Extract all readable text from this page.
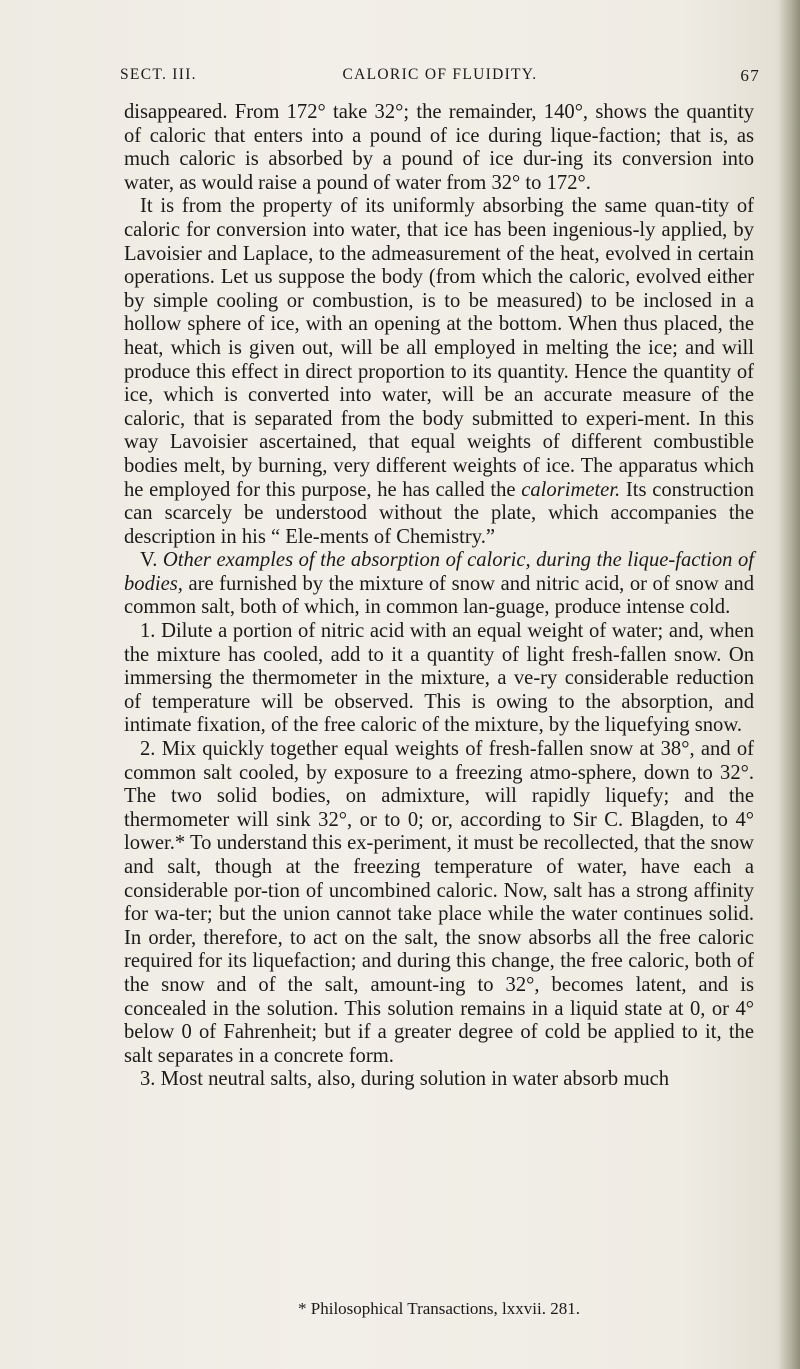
SECT. III.	CALORIC OF FLUIDITY.	67

disappeared. From 172° take 32°; the remainder, 140°, shows the quantity of caloric that enters into a pound of ice during lique-faction; that is, as much caloric is absorbed by a pound of ice dur-ing its conversion into water, as would raise a pound of water from 32° to 172°.

It is from the property of its uniformly absorbing the same quan-tity of caloric for conversion into water, that ice has been ingenious-ly applied, by Lavoisier and Laplace, to the admeasurement of the heat, evolved in certain operations. Let us suppose the body (from which the caloric, evolved either by simple cooling or combustion, is to be measured) to be inclosed in a hollow sphere of ice, with an opening at the bottom. When thus placed, the heat, which is given out, will be all employed in melting the ice; and will produce this effect in direct proportion to its quantity. Hence the quantity of ice, which is converted into water, will be an accurate measure of the caloric, that is separated from the body submitted to experi-ment. In this way Lavoisier ascertained, that equal weights of different combustible bodies melt, by burning, very different weights of ice. The apparatus which he employed for this purpose, he has called the calorimeter. Its construction can scarcely be understood without the plate, which accompanies the description in his “ Ele-ments of Chemistry.”

V. Other examples of the absorption of caloric, during the lique-faction of bodies, are furnished by the mixture of snow and nitric acid, or of snow and common salt, both of which, in common lan-guage, produce intense cold.

1. Dilute a portion of nitric acid with an equal weight of water; and, when the mixture has cooled, add to it a quantity of light fresh-fallen snow. On immersing the thermometer in the mixture, a ve-ry considerable reduction of temperature will be observed. This is owing to the absorption, and intimate fixation, of the free caloric of the mixture, by the liquefying snow.

2. Mix quickly together equal weights of fresh-fallen snow at 38°, and of common salt cooled, by exposure to a freezing atmo-sphere, down to 32°. The two solid bodies, on admixture, will rapidly liquefy; and the thermometer will sink 32°, or to 0; or, according to Sir C. Blagden, to 4° lower.* To understand this ex-periment, it must be recollected, that the snow and salt, though at the freezing temperature of water, have each a considerable por-tion of uncombined caloric. Now, salt has a strong affinity for wa-ter; but the union cannot take place while the water continues solid. In order, therefore, to act on the salt, the snow absorbs all the free caloric required for its liquefaction; and during this change, the free caloric, both of the snow and of the salt, amount-ing to 32°, becomes latent, and is concealed in the solution. This solution remains in a liquid state at 0, or 4° below 0 of Fahrenheit; but if a greater degree of cold be applied to it, the salt separates in a concrete form.

3. Most neutral salts, also, during solution in water absorb much

* Philosophical Transactions, lxxvii. 281.
